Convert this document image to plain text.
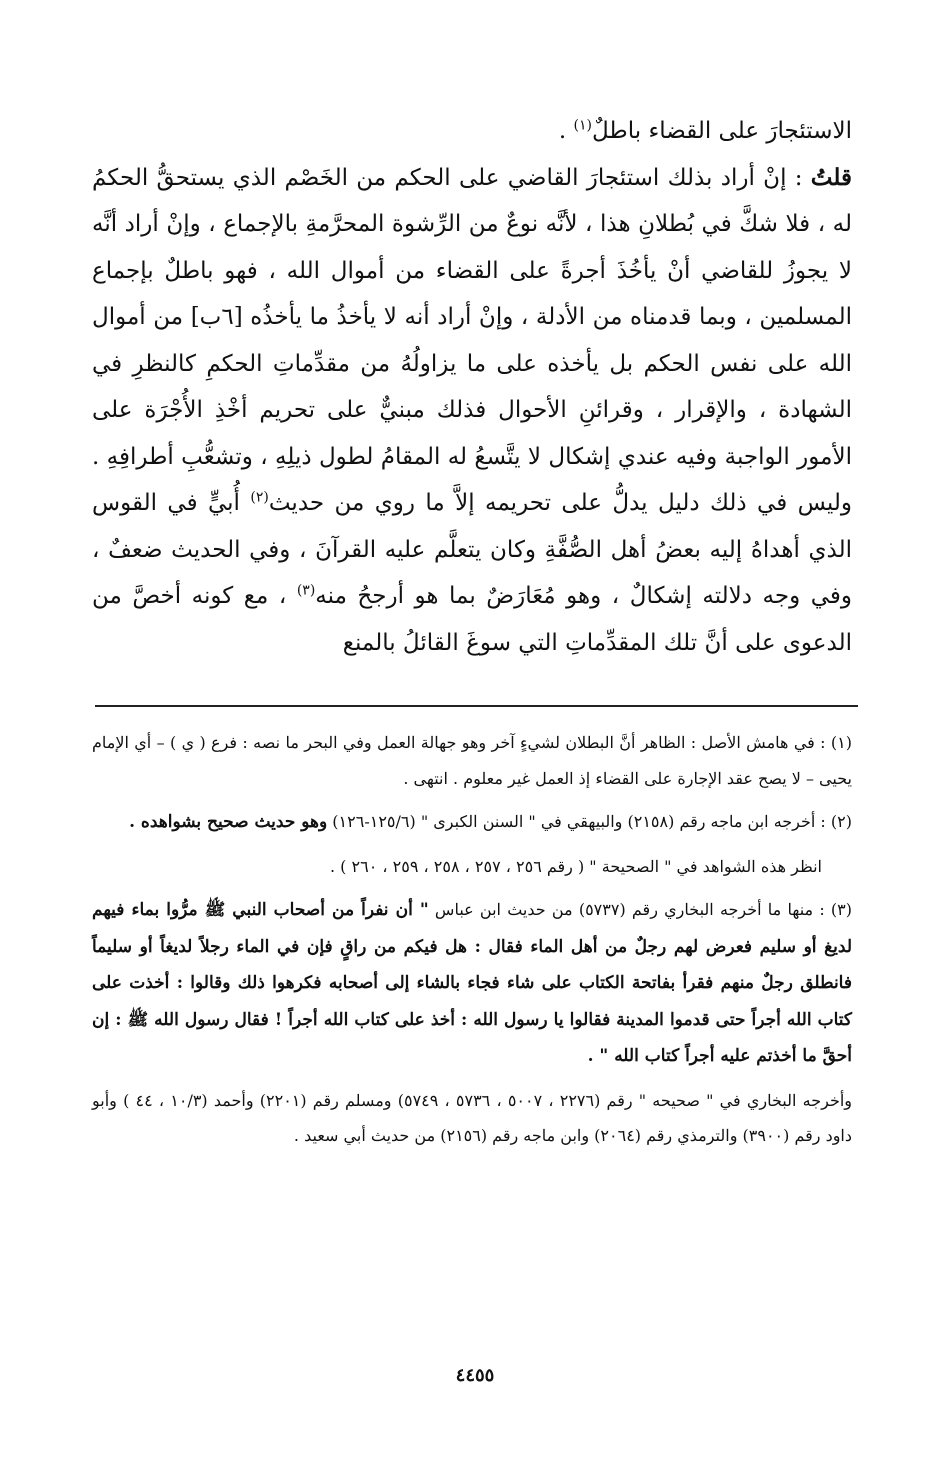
الاستئجارَ على القضاء باطلٌ$^{(١)}$ .

قلتُ : إنْ أراد بذلك استئجارَ القاضي على الحكم من الخَصْم الذي يستحقُّ الحكمُ له ، فلا شكَّ في بُطلانِ هذا ، لأنَّه نوعٌ من الرِّشوة المحرَّمةِ بالإجماع ، وإنْ أراد أنَّه لا يجوزُ للقاضي أنْ يأخُذَ أجرةً على القضاء من أموال الله ، فهو باطلٌ بإجماع المسلمين ، وبما قدمناه من الأدلة ، وإنْ أراد أنه لا يأخذُ ما يأخذُه [٦ب] من أموال الله على نفس الحكم بل يأخذه على ما يزاولُهُ من مقدِّماتِ الحكمِ كالنظرِ في الشهادة ، والإقرار ، وقرائنِ الأحوال فذلك مبنيٌّ على تحريم أخْذِ الأُجْرَة على الأمور الواجبة وفيه عندي إشكال لا يتَّسعُ له المقامُ لطول ذيلِهِ ، وتشعُّبِ أطرافِهِ . وليس في ذلك دليل يدلُّ على تحريمه إلاَّ ما روي من حديث$^{(٢)}$ أُبيٍّ في القوس الذي أهداهُ إليه بعضُ أهل الصُّفَّةِ وكان يتعلَّم عليه القرآنَ ، وفي الحديث ضعفٌ ، وفي وجه دلالته إشكالٌ ، وهو مُعَارَضٌ بما هو أرجحُ منه$^{(٣)}$ ، مع كونه أخصَّ من الدعوى على أنَّ تلك المقدِّماتِ التي سوغَ القائلُ بالمنع

(١) : في هامش الأصل : الظاهر أنَّ البطلان لشيءٍ آخر وهو جهالة العمل وفي البحر ما نصه : فرع ( ي ) – أي الإمام يحيى – لا يصح عقد الإجارة على القضاء إذ العمل غير معلوم . انتهى .

(٢) : أخرجه ابن ماجه رقم (٢١٥٨) والبيهقي في " السنن الكبرى " (١٢٥/٦-١٢٦) وهو حديث صحيح بشواهده .

انظر هذه الشواهد في " الصحيحة " ( رقم ٢٥٦ ، ٢٥٧ ، ٢٥٨ ، ٢٥٩ ، ٢٦٠ ) .

(٣) : منها ما أخرجه البخاري رقم (٥٧٣٧) من حديث ابن عباس " أن نفراً من أصحاب النبي ﷺ مرُّوا بماء فيهم لديغ أو سليم فعرض لهم رجلٌ من أهل الماء فقال : هل فيكم من راقٍ فإن في الماء رجلاً لديغاً أو سليماً فانطلق رجلٌ منهم فقرأ بفاتحة الكتاب على شاء فجاء بالشاء إلى أصحابه فكرهوا ذلك وقالوا : أخذت على كتاب الله أجراً حتى قدموا المدينة فقالوا يا رسول الله : أخذ على كتاب الله أجراً ! فقال رسول الله ﷺ : إن أحقَّ ما أخذتم عليه أجراً كتاب الله " .

وأخرجه البخاري في " صحيحه " رقم (٢٢٧٦ ، ٥٠٠٧ ، ٥٧٣٦ ، ٥٧٤٩) ومسلم رقم (٢٢٠١) وأحمد (١٠/٣ ، ٤٤ ) وأبو داود رقم (٣٩٠٠) والترمذي رقم (٢٠٦٤) وابن ماجه رقم (٢١٥٦) من حديث أبي سعيد .

٤٤٥٥
